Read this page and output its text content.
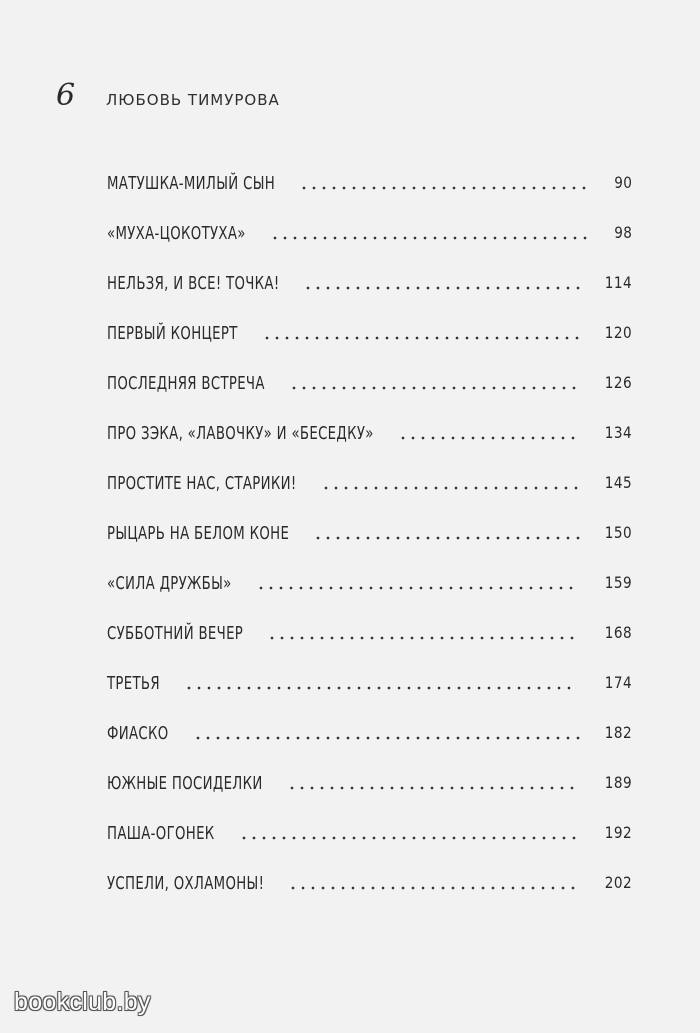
6	ЛЮБОВЬ ТИМУРОВА
МАТУШКА-МИЛЫЙ СЫН	90
«МУХА-ЦОКОТУХА»	98
НЕЛЬЗЯ, И ВСЕ! ТОЧКА!	114
ПЕРВЫЙ КОНЦЕРТ	120
ПОСЛЕДНЯЯ ВСТРЕЧА	126
ПРО ЗЭКА, «ЛАВОЧКУ» И «БЕСЕДКУ»	134
ПРОСТИТЕ НАС, СТАРИКИ!	145
РЫЦАРЬ НА БЕЛОМ КОНЕ	150
«СИЛА ДРУЖБЫ»	159
СУББОТНИЙ ВЕЧЕР	168
ТРЕТЬЯ	174
ФИАСКО	182
ЮЖНЫЕ ПОСИДЕЛКИ	189
ПАША-ОГОНЕК	192
УСПЕЛИ, ОХЛАМОНЫ!	202
bookclub.by
